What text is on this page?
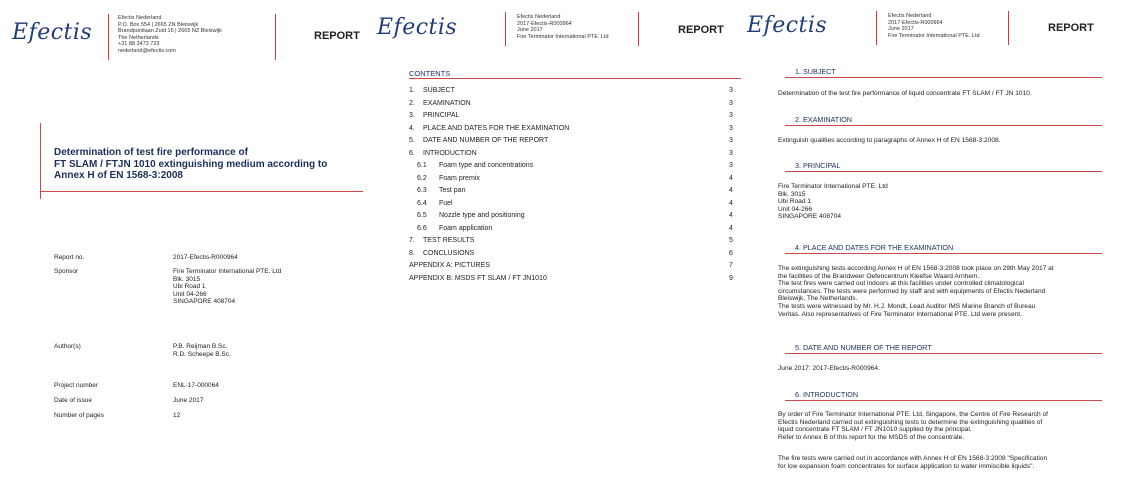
Efectis
Efectis Nederland
P.O. Box 554 | 2665 ZN Bleiswijk
Brandpuntlaan Zuid 16 | 2665 NZ Bleiswijk
The Netherlands
+31 88 3473 723
nederland@efectis.com
REPORT
Determination of test fire performance of
FT SLAM / FTJN 1010 extinguishing medium according to
Annex H of EN 1568-3:2008
Report no.	2017-Efectis-R000964
Sponsor	Fire Terminator International PTE. Ltd
Blk. 3015
Ubi Road 1
Unit 04-266
SINGAPORE 408704
Author(s)	P.B. Reijman B.Sc.
R.D. Scheepe B.Sc.
Project number	ENL-17-000064
Date of issue	June 2017
Number of pages	12
Efectis	Efectis Nederland
2017-Efectis-R000964
June 2017
Fire Terminator International PTE. Ltd
REPORT
CONTENTS
1. SUBJECT	3
2. EXAMINATION	3
3. PRINCIPAL	3
4. PLACE AND DATES FOR THE EXAMINATION	3
5. DATE AND NUMBER OF THE REPORT	3
6. INTRODUCTION	3
6.1 Foam type and concentrations	3
6.2 Foam premix	4
6.3 Test pan	4
6.4 Fuel	4
6.5 Nozzle type and positioning	4
6.6 Foam application	4
7. TEST RESULTS	5
8. CONCLUSIONS	6
APPENDIX A: PICTURES	7
APPENDIX B: MSDS FT SLAM / FT JN1010	9
Efectis	Efectis Nederland
2017-Efectis-R000964
June 2017
Fire Terminator International PTE. Ltd
REPORT
1. SUBJECT
Determination of the test fire performance of liquid concentrate FT SLAM / FT JN 1010.
2. EXAMINATION
Extinguish qualities according to paragraphs of Annex H of EN 1568-3:2008.
3. PRINCIPAL
Fire Terminator International PTE. Ltd
Blk. 3015
Ubi Road 1
Unit 04-266
SINGAPORE 408704
4. PLACE AND DATES FOR THE EXAMINATION
The extinguishing tests according Annex H of EN 1568-3:2008 took place on 29th May 2017 at
the facilities of the Brandweer Oefencentrum Kleefse Waard Arnhem.
The test fires were carried out indoors at this facilities under controlled climatological
circumstances. The tests were performed by staff and with equipments of Efectis Nederland
Bleiswijk, The Netherlands.
The tests were witnessed by Mr. H.J. Mondt, Lead Auditor IMS Marine Branch of Bureau
Veritas. Also representatives of Fire Terminator International PTE. Ltd were present.
5. DATE AND NUMBER OF THE REPORT
June 2017: 2017-Efectis-R000964.
6. INTRODUCTION
By order of Fire Terminator International PTE. Ltd, Singapore, the Centre of Fire Research of
Efectis Nederland carried out extinguishing tests to determine the extinguishing qualities of
liquid concentrate FT SLAM / FT JN1010 supplied by the principal.
Refer to Annex B of this report for the MSDS of the concentrate.
The fire tests were carried out in accordance with Annex H of EN 1568-3:2008 "Specification
for low expansion foam concentrates for surface application to water immiscible liquids".
